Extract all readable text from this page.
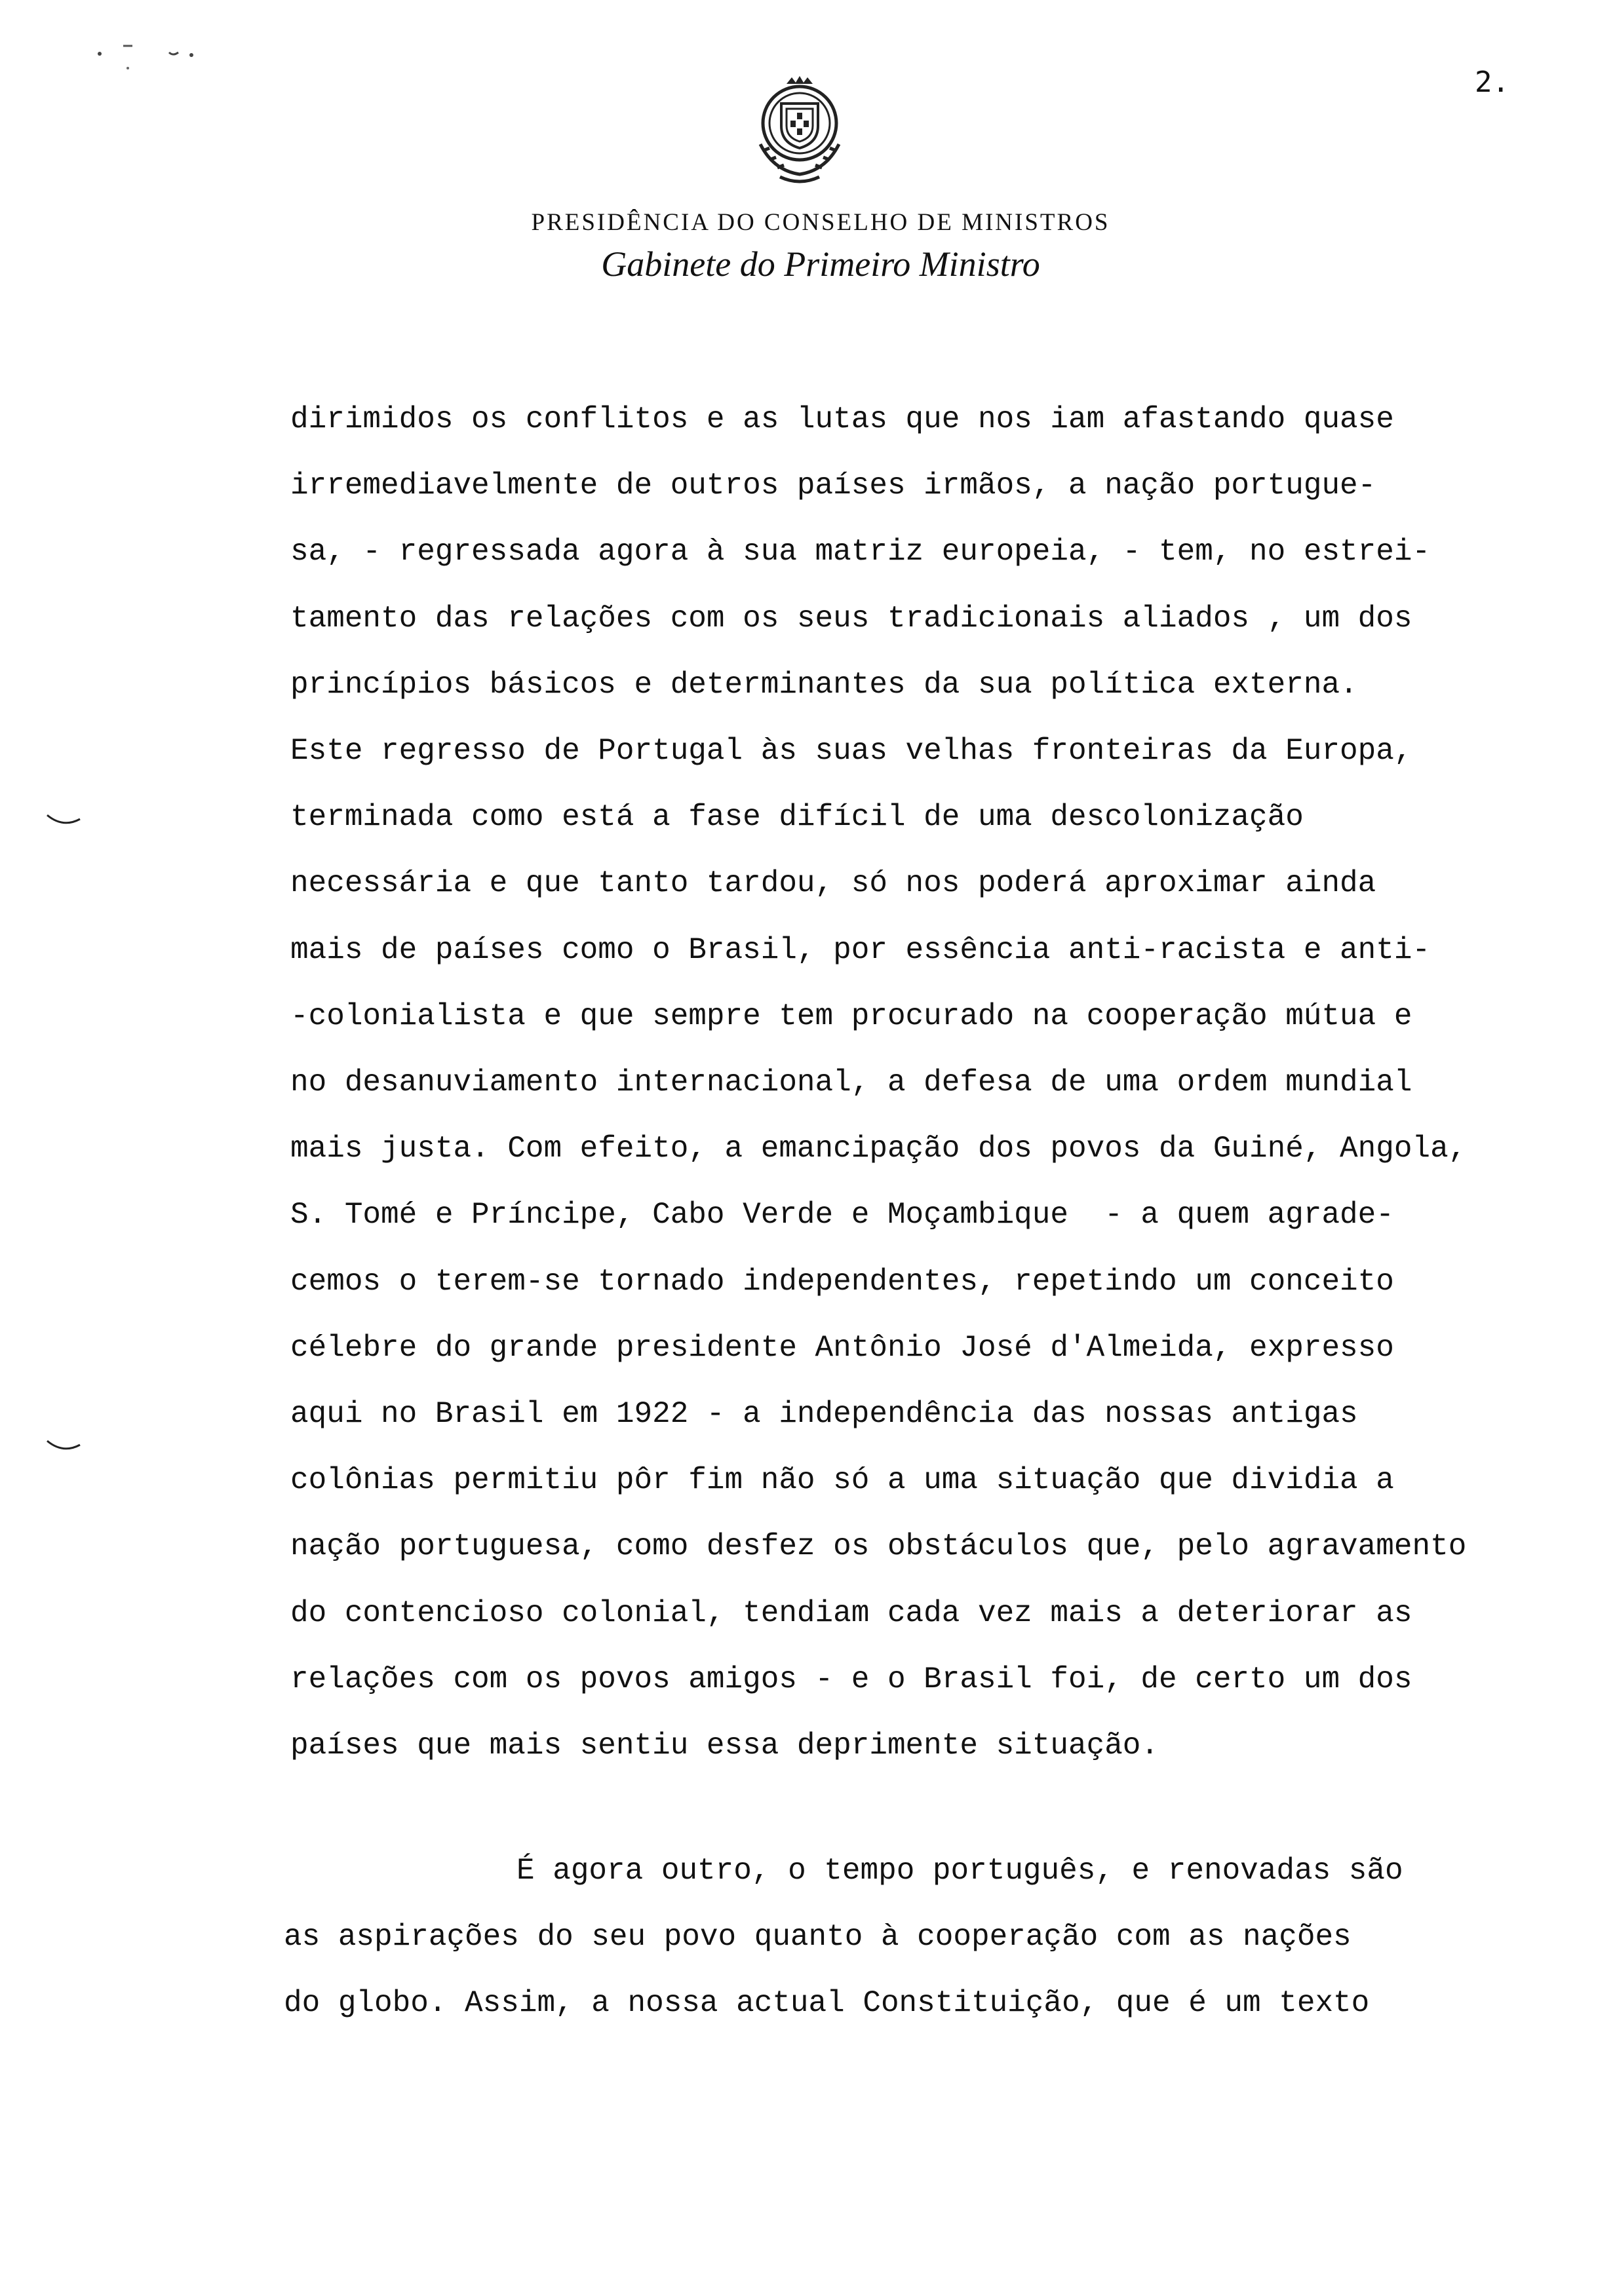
2.
PRESIDÊNCIA DO CONSELHO DE MINISTROS
Gabinete do Primeiro Ministro
dirimidos os conflitos e as lutas que nos iam afastando quase
irremediavelmente de outros países irmãos, a nação portugue-
sa, - regressada agora à sua matriz europeia, - tem, no estrei-
tamento das relações com os seus tradicionais aliados , um dos
princípios básicos e determinantes da sua política externa.
Este regresso de Portugal às suas velhas fronteiras da Europa,
terminada como está a fase difícil de uma descolonização
necessária e que tanto tardou, só nos poderá aproximar ainda
mais de países como o Brasil, por essência anti-racista e anti-
-colonialista e que sempre tem procurado na cooperação mútua e
no desanuviamento internacional, a defesa de uma ordem mundial
mais justa. Com efeito, a emancipação dos povos da Guiné, Angola,
S. Tomé e Príncipe, Cabo Verde e Moçambique  - a quem agrade-
cemos o terem-se tornado independentes, repetindo um conceito
célebre do grande presidente Antônio José d'Almeida, expresso
aqui no Brasil em 1922 - a independência das nossas antigas
colônias permitiu pôr fim não só a uma situação que dividia a
nação portuguesa, como desfez os obstáculos que, pelo agravamento
do contencioso colonial, tendiam cada vez mais a deteriorar as
relações com os povos amigos - e o Brasil foi, de certo um dos
países que mais sentiu essa deprimente situação.
É agora outro, o tempo português, e renovadas são
as aspirações do seu povo quanto à cooperação com as nações
do globo. Assim, a nossa actual Constituição, que é um texto
